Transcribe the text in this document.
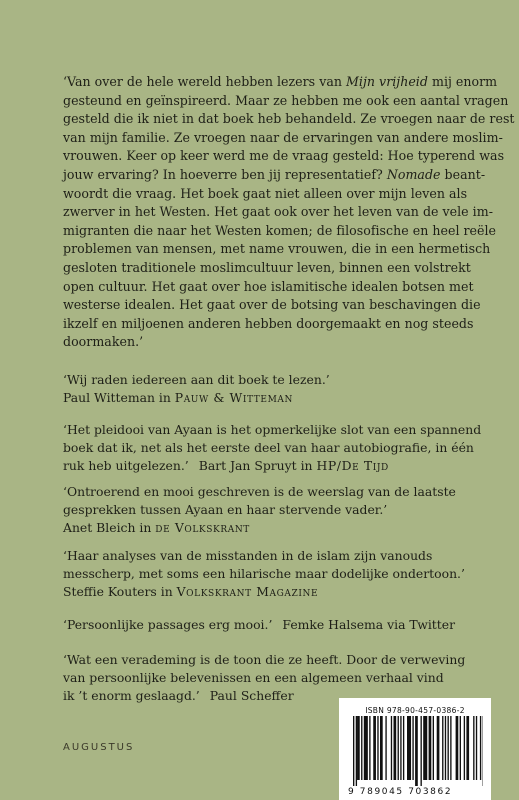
‘Van over de hele wereld hebben lezers van Mijn vrijheid mij enorm
gesteund en geïnspireerd. Maar ze hebben me ook een aantal vragen
gesteld die ik niet in dat boek heb behandeld. Ze vroegen naar de rest
van mijn familie. Ze vroegen naar de ervaringen van andere moslim-
vrouwen. Keer op keer werd me de vraag gesteld: Hoe typerend was
jouw ervaring? In hoeverre ben jij representatief? Nomade beant-
woordt die vraag. Het boek gaat niet alleen over mijn leven als
zwerver in het Westen. Het gaat ook over het leven van de vele im-
migranten die naar het Westen komen; de filosofische en heel reële
problemen van mensen, met name vrouwen, die in een hermetisch
gesloten traditionele moslimcultuur leven, binnen een volstrekt
open cultuur. Het gaat over hoe islamitische idealen botsen met
westerse idealen. Het gaat over de botsing van beschavingen die
ikzelf en miljoenen anderen hebben doorgemaakt en nog steeds
doormaken.’
‘Wij raden iedereen aan dit boek te lezen.’
Paul Witteman in Pauw & Witteman
‘Het pleidooi van Ayaan is het opmerkelijke slot van een spannend
boek dat ik, net als het eerste deel van haar autobiografie, in één
ruk heb uitgelezen.’ Bart Jan Spruyt in HP/De Tijd
‘Ontroerend en mooi geschreven is de weerslag van de laatste
gesprekken tussen Ayaan en haar stervende vader.’
Anet Bleich in de Volkskrant
‘Haar analyses van de misstanden in de islam zijn vanouds
messcherp, met soms een hilarische maar dodelijke ondertoon.’
Steffie Kouters in Volkskrant Magazine
‘Persoonlijke passages erg mooi.’ Femke Halsema via Twitter
‘Wat een verademing is de toon die ze heeft. Door de verweving
van persoonlijke belevenissen en een algemeen verhaal vind
ik ’t enorm geslaagd.’ Paul Scheffer
AUGUSTUS
ISBN 978-90-457-0386-2
9 789045 703862
